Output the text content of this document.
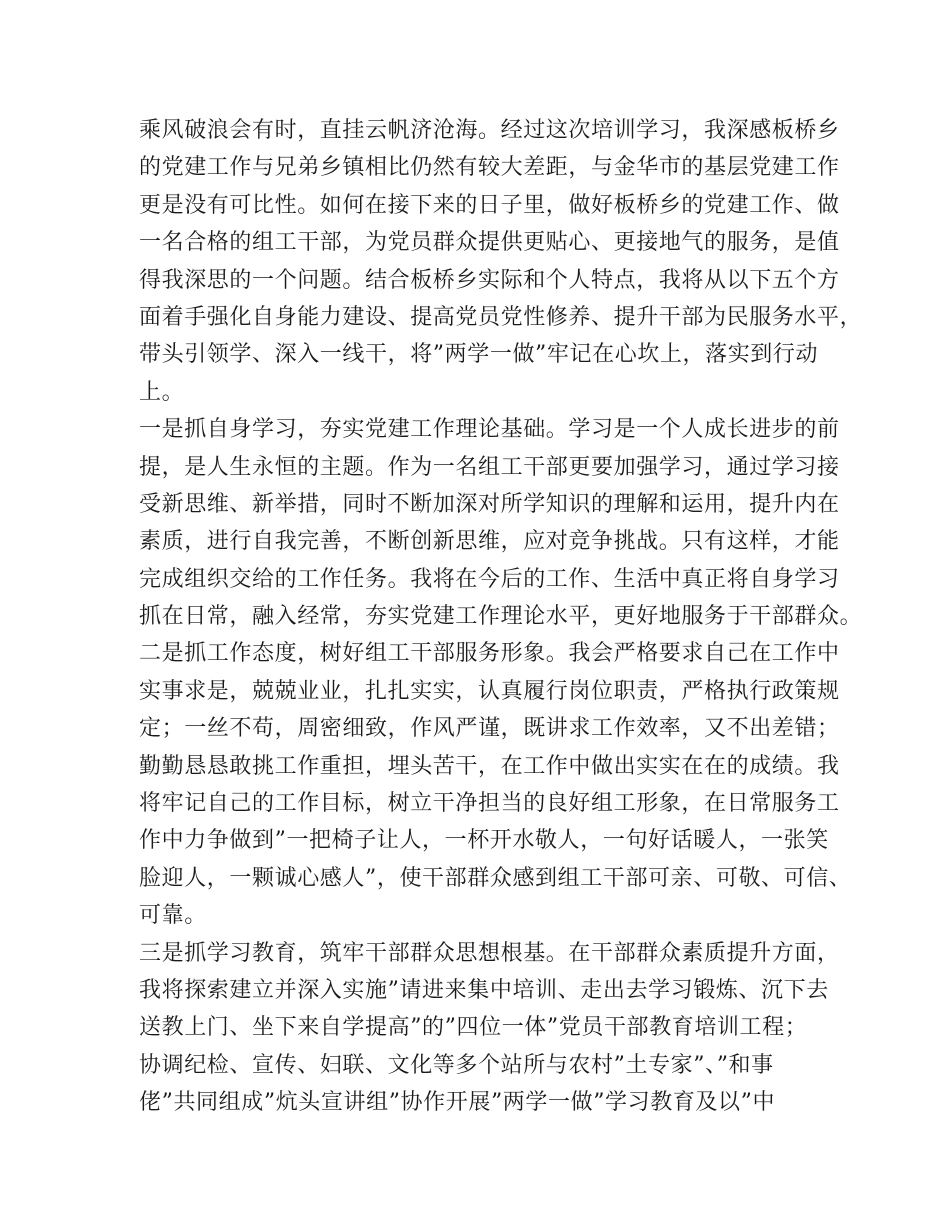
乘风破浪会有时，直挂云帆济沧海。经过这次培训学习，我深感板桥乡
的党建工作与兄弟乡镇相比仍然有较大差距，与金华市的基层党建工作
更是没有可比性。如何在接下来的日子里，做好板桥乡的党建工作、做
一名合格的组工干部，为党员群众提供更贴心、更接地气的服务，是值
得我深思的一个问题。结合板桥乡实际和个人特点，我将从以下五个方
面着手强化自身能力建设、提高党员党性修养、提升干部为民服务水平，
带头引领学、深入一线干，将”两学一做”牢记在心坎上，落实到行动
上。
一是抓自身学习，夯实党建工作理论基础。学习是一个人成长进步的前
提，是人生永恒的主题。作为一名组工干部更要加强学习，通过学习接
受新思维、新举措，同时不断加深对所学知识的理解和运用，提升内在
素质，进行自我完善，不断创新思维，应对竞争挑战。只有这样，才能
完成组织交给的工作任务。我将在今后的工作、生活中真正将自身学习
抓在日常，融入经常，夯实党建工作理论水平，更好地服务于干部群众。
二是抓工作态度，树好组工干部服务形象。我会严格要求自己在工作中
实事求是，兢兢业业，扎扎实实，认真履行岗位职责，严格执行政策规
定；一丝不苟，周密细致，作风严谨，既讲求工作效率，又不出差错；
勤勤恳恳敢挑工作重担，埋头苦干，在工作中做出实实在在的成绩。我
将牢记自己的工作目标，树立干净担当的良好组工形象，在日常服务工
作中力争做到”一把椅子让人，一杯开水敬人，一句好话暖人，一张笑
脸迎人，一颗诚心感人”，使干部群众感到组工干部可亲、可敬、可信、
可靠。
三是抓学习教育，筑牢干部群众思想根基。在干部群众素质提升方面，
我将探索建立并深入实施”请进来集中培训、走出去学习锻炼、沉下去
送教上门、坐下来自学提高”的”四位一体”党员干部教育培训工程；
协调纪检、宣传、妇联、文化等多个站所与农村”土专家”、”和事
佬”共同组成”炕头宣讲组”协作开展”两学一做”学习教育及以”中
